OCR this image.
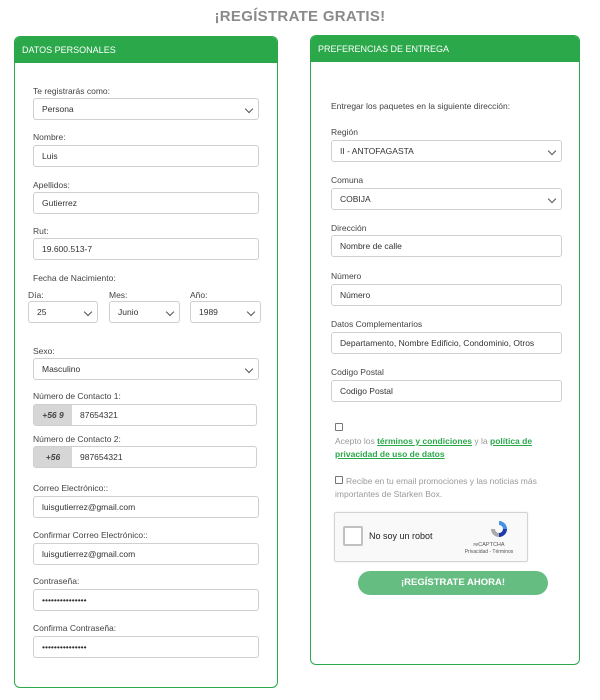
¡REGÍSTRATE GRATIS!
DATOS PERSONALES
Te registrarás como:
Persona
Nombre:
Luis
Apellidos:
Gutierrez
Rut:
19.600.513-7
Fecha de Nacimiento:
Día:
25
Mes:
Junio
Año:
1989
Sexo:
Masculino
Número de Contacto 1:
+56 9	87654321
Número de Contacto 2:
+56	987654321
Correo Electrónico::
luisgutierrez@gmail.com
Confirmar Correo Electrónico::
luisgutierrez@gmail.com
Contraseña:
•••••••••••••••
Confirma Contraseña:
•••••••••••••••
PREFERENCIAS DE ENTREGA
Entregar los paquetes en la siguiente dirección:
Región
II - ANTOFAGASTA
Comuna
COBIJA
Dirección
Nombre de calle
Número
Número
Datos Complementarios
Departamento, Nombre Edificio, Condominio, Otros
Codigo Postal
Codigo Postal
Acepto los términos y condiciones y la política de privacidad de uso de datos
Recibe en tu email promociones y las noticias más importantes de Starken Box.
No soy un robot
reCAPTCHA
Privacidad - Términos
¡REGÍSTRATE AHORA!
